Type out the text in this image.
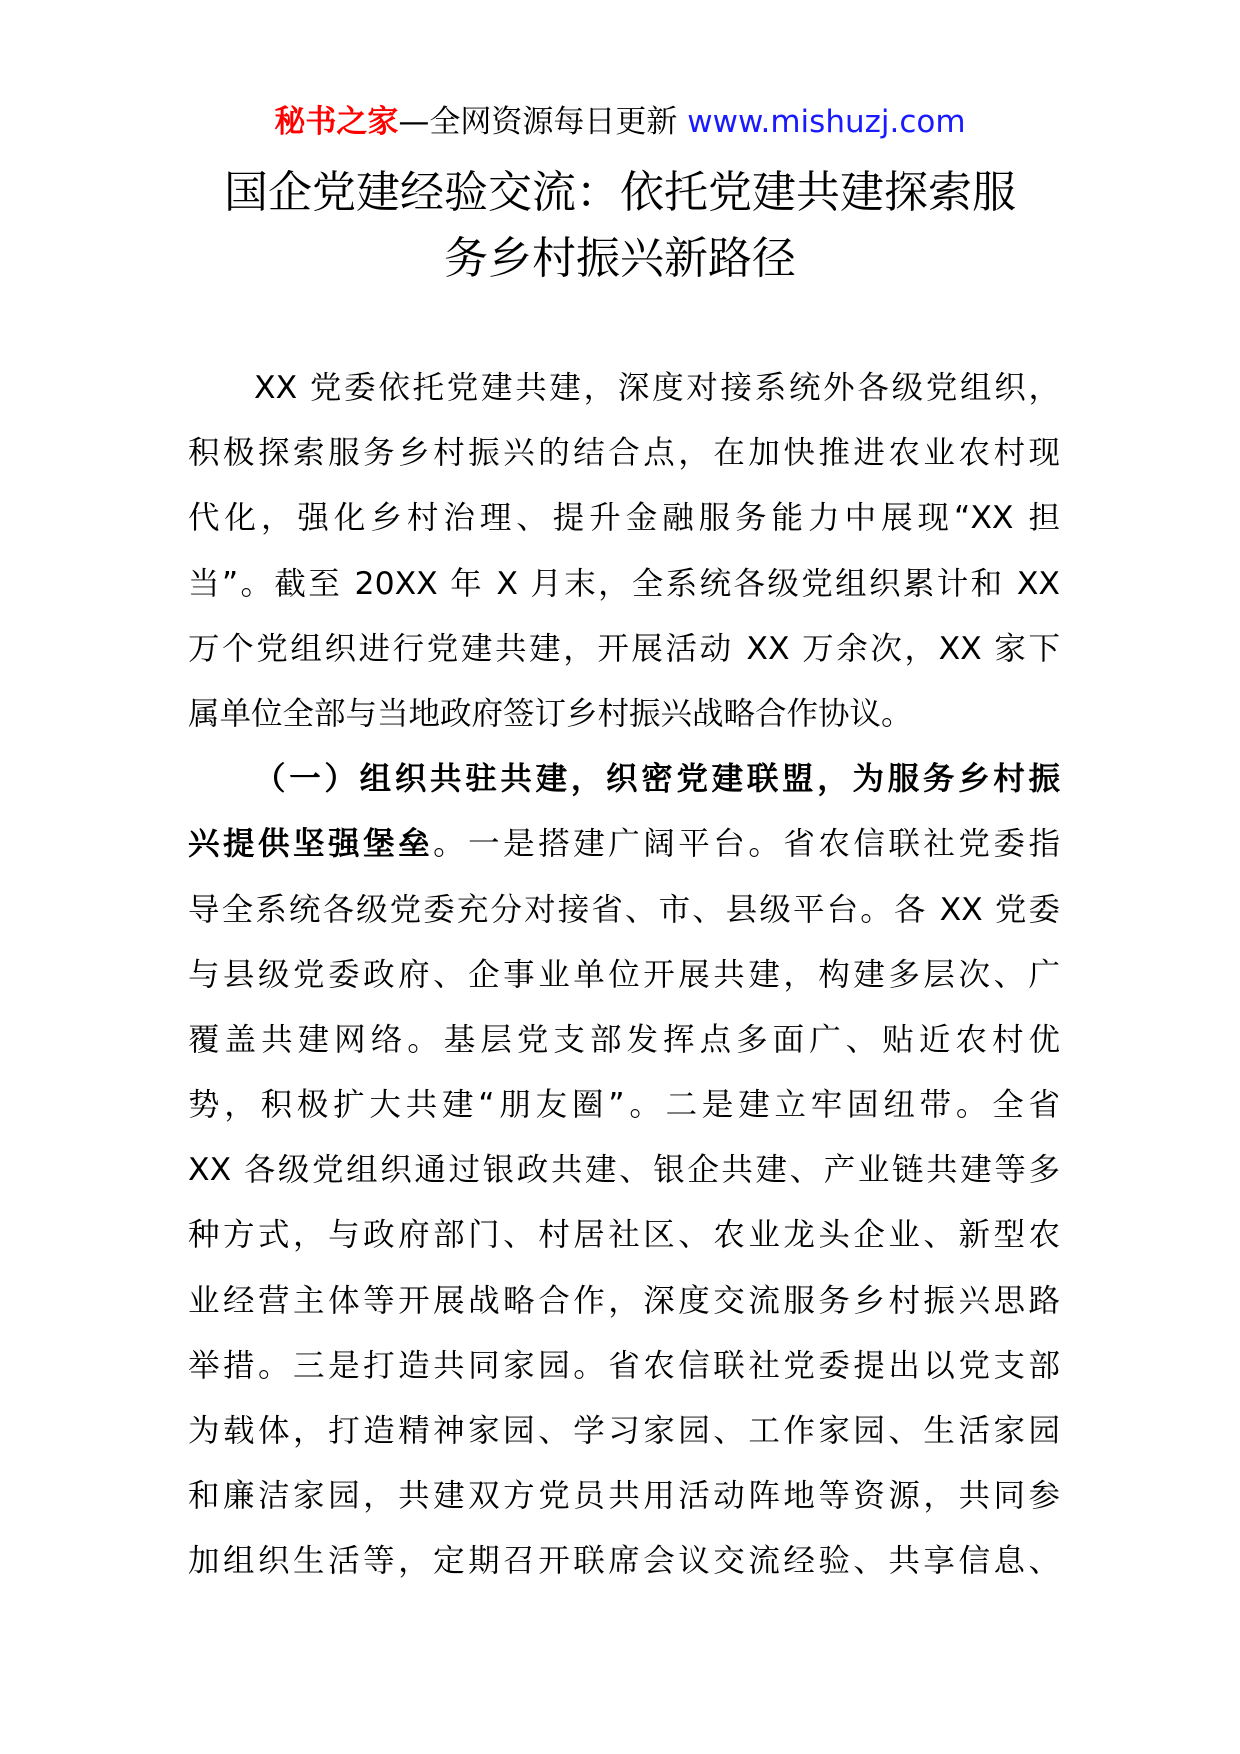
秘书之家—全网资源每日更新 www.mishuzj.com
国企党建经验交流：依托党建共建探索服
务乡村振兴新路径
XX 党委依托党建共建，深度对接系统外各级党组织，
积极探索服务乡村振兴的结合点，在加快推进农业农村现
代化，强化乡村治理、提升金融服务能力中展现“XX 担
当”。截至 20XX 年 X 月末，全系统各级党组织累计和 XX
万个党组织进行党建共建，开展活动 XX 万余次，XX 家下
属单位全部与当地政府签订乡村振兴战略合作协议。
（一）组织共驻共建，织密党建联盟，为服务乡村振
兴提供坚强堡垒。一是搭建广阔平台。省农信联社党委指
导全系统各级党委充分对接省、市、县级平台。各 XX 党委
与县级党委政府、企事业单位开展共建，构建多层次、广
覆盖共建网络。基层党支部发挥点多面广、贴近农村优
势，积极扩大共建“朋友圈”。二是建立牢固纽带。全省
XX 各级党组织通过银政共建、银企共建、产业链共建等多
种方式，与政府部门、村居社区、农业龙头企业、新型农
业经营主体等开展战略合作，深度交流服务乡村振兴思路
举措。三是打造共同家园。省农信联社党委提出以党支部
为载体，打造精神家园、学习家园、工作家园、生活家园
和廉洁家园，共建双方党员共用活动阵地等资源，共同参
加组织生活等，定期召开联席会议交流经验、共享信息、
